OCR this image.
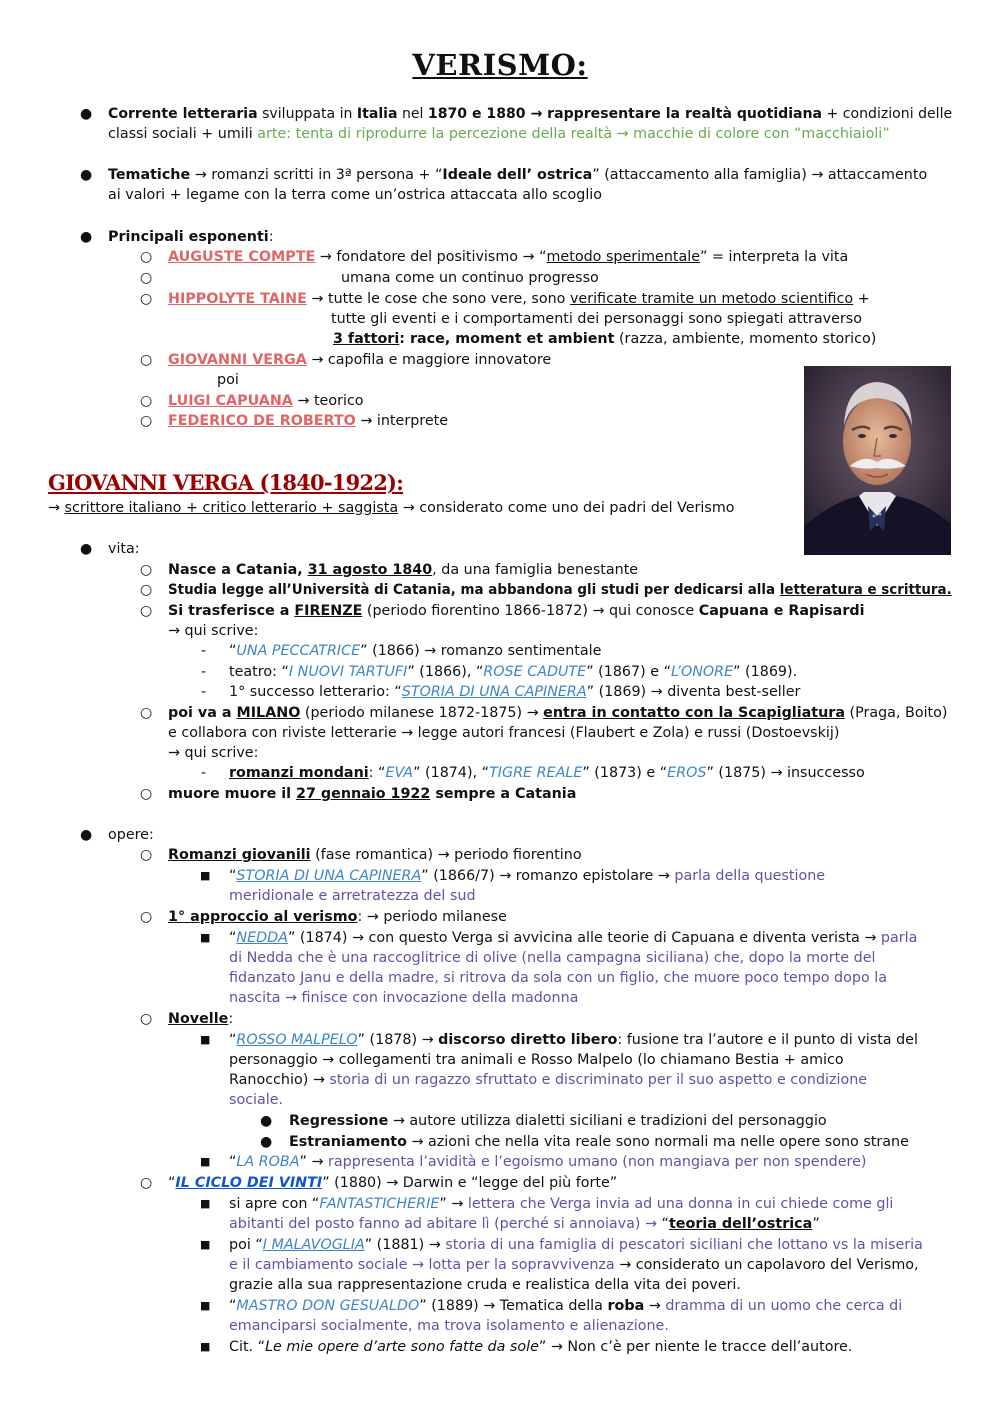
VERISMO:
● Corrente letteraria sviluppata in Italia nel 1870 e 1880 → rappresentare la realtà quotidiana + condizioni delle
classi sociali + umili arte: tenta di riprodurre la percezione della realtà → macchie di colore con “macchiaioli”
● Tematiche → romanzi scritti in 3ª persona + “Ideale dell’ ostrica” (attaccamento alla famiglia) → attaccamento
ai valori + legame con la terra come un’ostrica attaccata allo scoglio
● Principali esponenti:
○ AUGUSTE COMPTE → fondatore del positivismo → “metodo sperimentale” = interpreta la vita
○	umana come un continuo progresso
○ HIPPOLYTE TAINE → tutte le cose che sono vere, sono verificate tramite un metodo scientifico +
tutte gli eventi e i comportamenti dei personaggi sono spiegati attraverso
3 fattori: race, moment et ambient (razza, ambiente, momento storico)
○ GIOVANNI VERGA → capofila e maggiore innovatore
poi
○ LUIGI CAPUANA → teorico
○ FEDERICO DE ROBERTO → interprete
GIOVANNI VERGA (1840-1922):
→ scrittore italiano + critico letterario + saggista → considerato come uno dei padri del Verismo
● vita:
○ Nasce a Catania, 31 agosto 1840, da una famiglia benestante
○ Studia legge all’Università di Catania, ma abbandona gli studi per dedicarsi alla letteratura e scrittura.
○ Si trasferisce a FIRENZE (periodo fiorentino 1866-1872) → qui conosce Capuana e Rapisardi
→ qui scrive:
- “UNA PECCATRICE” (1866) → romanzo sentimentale
- teatro: “I NUOVI TARTUFI” (1866), “ROSE CADUTE” (1867) e “L’ONORE” (1869).
- 1° successo letterario: “STORIA DI UNA CAPINERA” (1869) → diventa best-seller
○ poi va a MILANO (periodo milanese 1872-1875) → entra in contatto con la Scapigliatura (Praga, Boito)
e collabora con riviste letterarie → legge autori francesi (Flaubert e Zola) e russi (Dostoevskij)
→ qui scrive:
- romanzi mondani: “EVA” (1874), “TIGRE REALE” (1873) e “EROS” (1875) → insuccesso
○ muore muore il 27 gennaio 1922 sempre a Catania
● opere:
○ Romanzi giovanili (fase romantica) → periodo fiorentino
■ “STORIA DI UNA CAPINERA” (1866/7) → romanzo epistolare → parla della questione
meridionale e arretratezza del sud
○ 1° approccio al verismo: → periodo milanese
■ “NEDDA” (1874) → con questo Verga si avvicina alle teorie di Capuana e diventa verista → parla
di Nedda che è una raccoglitrice di olive (nella campagna siciliana) che, dopo la morte del
fidanzato Janu e della madre, si ritrova da sola con un figlio, che muore poco tempo dopo la
nascita → finisce con invocazione della madonna
○ Novelle:
■ “ROSSO MALPELO” (1878) → discorso diretto libero: fusione tra l’autore e il punto di vista del
personaggio → collegamenti tra animali e Rosso Malpelo (lo chiamano Bestia + amico
Ranocchio) → storia di un ragazzo sfruttato e discriminato per il suo aspetto e condizione
sociale.
● Regressione → autore utilizza dialetti siciliani e tradizioni del personaggio
● Estraniamento → azioni che nella vita reale sono normali ma nelle opere sono strane
■ “LA ROBA” → rappresenta l’avidità e l’egoismo umano (non mangiava per non spendere)
○ “IL CICLO DEI VINTI” (1880) → Darwin e “legge del più forte”
■ si apre con “FANTASTICHERIE” → lettera che Verga invia ad una donna in cui chiede come gli
abitanti del posto fanno ad abitare lì (perché si annoiava) → “teoria dell’ostrica”
■ poi “I MALAVOGLIA” (1881) → storia di una famiglia di pescatori siciliani che lottano vs la miseria
e il cambiamento sociale → lotta per la sopravvivenza → considerato un capolavoro del Verismo,
grazie alla sua rappresentazione cruda e realistica della vita dei poveri.
■ “MASTRO DON GESUALDO” (1889) → Tematica della roba → dramma di un uomo che cerca di
emanciparsi socialmente, ma trova isolamento e alienazione.
■ Cit. “Le mie opere d’arte sono fatte da sole” → Non c’è per niente le tracce dell’autore.
